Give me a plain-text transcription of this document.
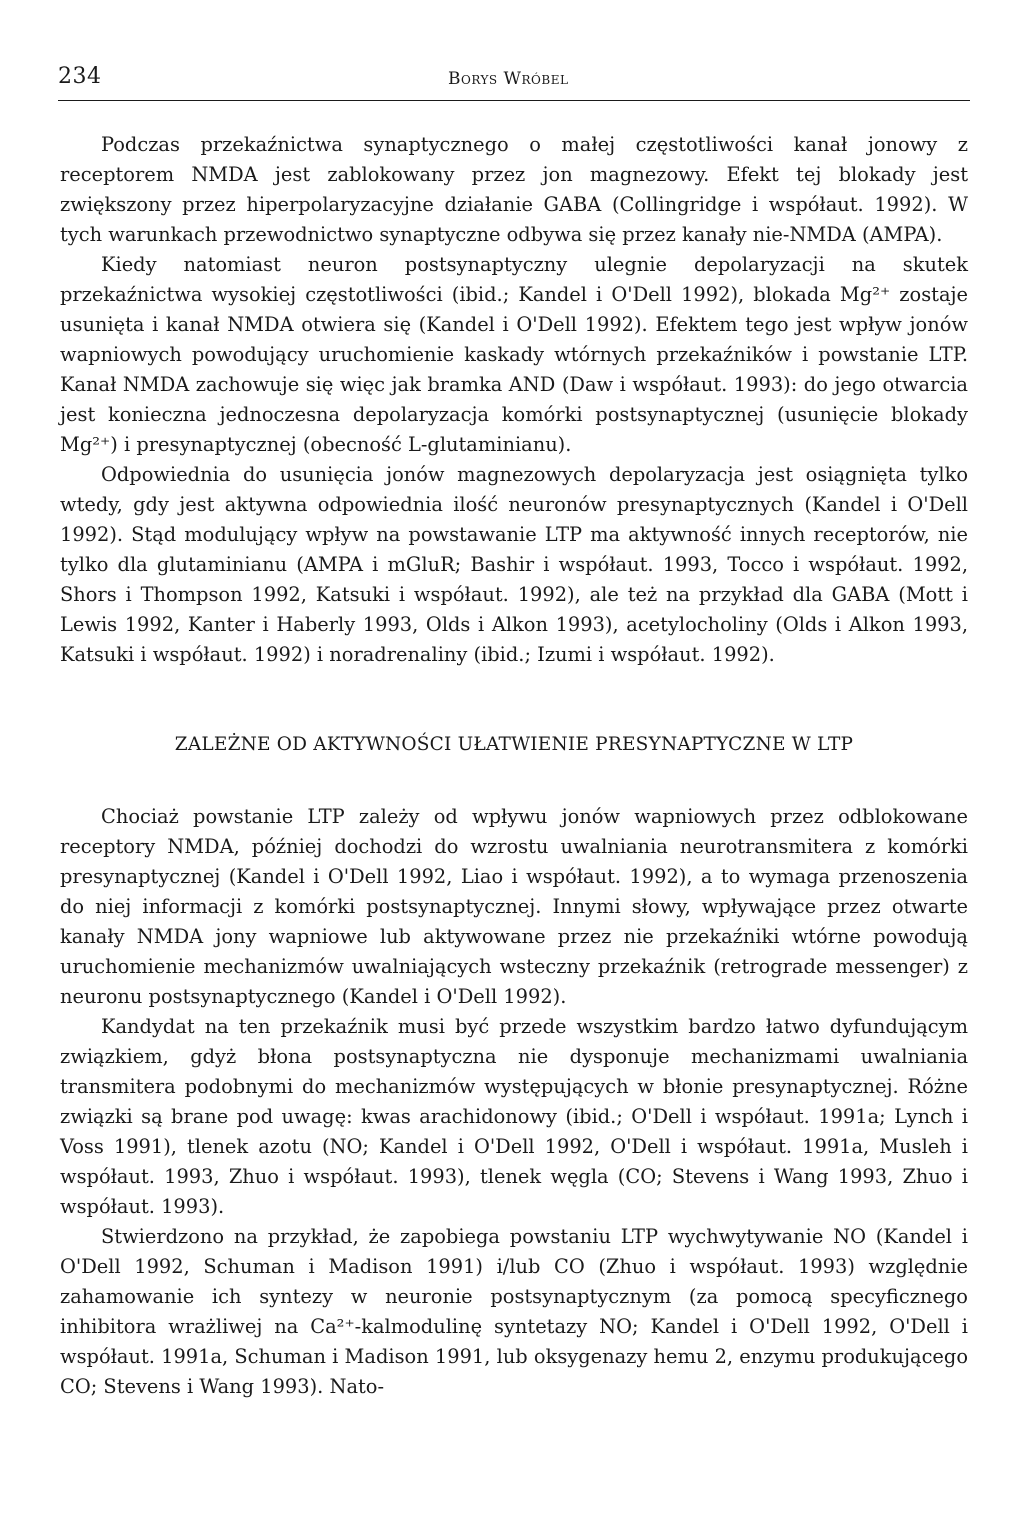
234	Borys Wróbel

Podczas przekaźnictwa synaptycznego o małej częstotliwości kanał jonowy z receptorem NMDA jest zablokowany przez jon magnezowy. Efekt tej blokady jest zwiększony przez hiperpolaryzacyjne działanie GABA (Collingridge i współaut. 1992). W tych warunkach przewodnictwo synaptyczne odbywa się przez kanały nie-NMDA (AMPA).

Kiedy natomiast neuron postsynaptyczny ulegnie depolaryzacji na skutek przekaźnictwa wysokiej częstotliwości (ibid.; Kandel i O'Dell 1992), blokada Mg²⁺ zostaje usunięta i kanał NMDA otwiera się (Kandel i O'Dell 1992). Efektem tego jest wpływ jonów wapniowych powodujący uruchomienie kaskady wtórnych przekaźników i powstanie LTP. Kanał NMDA zachowuje się więc jak bramka AND (Daw i współaut. 1993): do jego otwarcia jest konieczna jednoczesna depolaryzacja komórki postsynaptycznej (usunięcie blokady Mg²⁺) i presynaptycznej (obecność L-glutaminianu).

Odpowiednia do usunięcia jonów magnezowych depolaryzacja jest osiągnięta tylko wtedy, gdy jest aktywna odpowiednia ilość neuronów presynaptycznych (Kandel i O'Dell 1992). Stąd modulujący wpływ na powstawanie LTP ma aktywność innych receptorów, nie tylko dla glutaminianu (AMPA i mGluR; Bashir i współaut. 1993, Tocco i współaut. 1992, Shors i Thompson 1992, Katsuki i współaut. 1992), ale też na przykład dla GABA (Mott i Lewis 1992, Kanter i Haberly 1993, Olds i Alkon 1993), acetylocholiny (Olds i Alkon 1993, Katsuki i współaut. 1992) i noradrenaliny (ibid.; Izumi i współaut. 1992).

ZALEŻNE OD AKTYWNOŚCI UŁATWIENIE PRESYNAPTYCZNE W LTP

Chociaż powstanie LTP zależy od wpływu jonów wapniowych przez odblokowane receptory NMDA, później dochodzi do wzrostu uwalniania neurotransmitera z komórki presynaptycznej (Kandel i O'Dell 1992, Liao i współaut. 1992), a to wymaga przenoszenia do niej informacji z komórki postsynaptycznej. Innymi słowy, wpływające przez otwarte kanały NMDA jony wapniowe lub aktywowane przez nie przekaźniki wtórne powodują uruchomienie mechanizmów uwalniających wsteczny przekaźnik (retrograde messenger) z neuronu postsynaptycznego (Kandel i O'Dell 1992).

Kandydat na ten przekaźnik musi być przede wszystkim bardzo łatwo dyfundującym związkiem, gdyż błona postsynaptyczna nie dysponuje mechanizmami uwalniania transmitera podobnymi do mechanizmów występujących w błonie presynaptycznej. Różne związki są brane pod uwagę: kwas arachidonowy (ibid.; O'Dell i współaut. 1991a; Lynch i Voss 1991), tlenek azotu (NO; Kandel i O'Dell 1992, O'Dell i współaut. 1991a, Musleh i współaut. 1993, Zhuo i współaut. 1993), tlenek węgla (CO; Stevens i Wang 1993, Zhuo i współaut. 1993).

Stwierdzono na przykład, że zapobiega powstaniu LTP wychwytywanie NO (Kandel i O'Dell 1992, Schuman i Madison 1991) i/lub CO (Zhuo i współaut. 1993) względnie zahamowanie ich syntezy w neuronie postsynaptycznym (za pomocą specyficznego inhibitora wrażliwej na Ca²⁺-kalmodulinę syntetazy NO; Kandel i O'Dell 1992, O'Dell i współaut. 1991a, Schuman i Madison 1991, lub oksygenazy hemu 2, enzymu produkującego CO; Stevens i Wang 1993). Nato-
